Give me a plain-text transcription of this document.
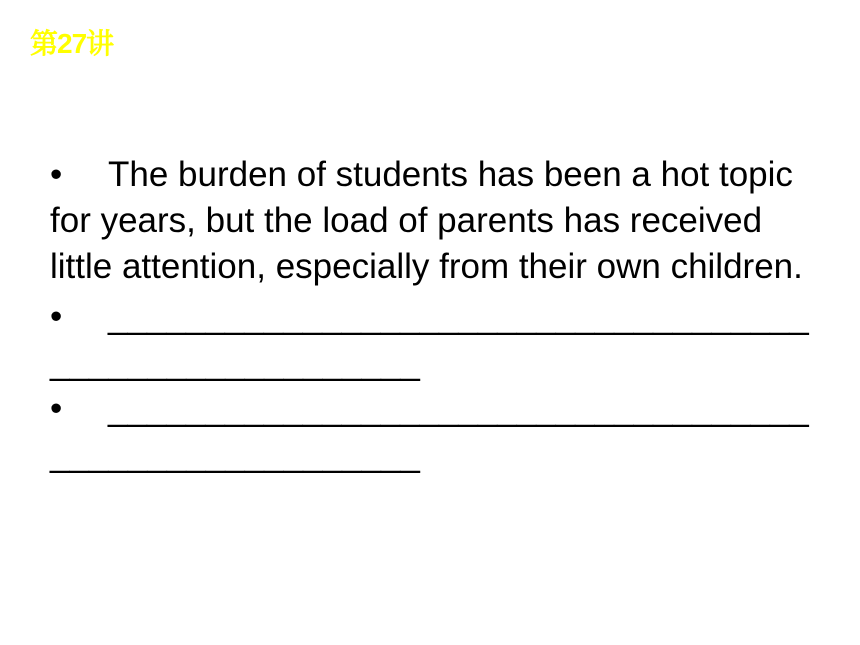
第27讲

• The burden of students has been a hot topic for years, but the load of parents has received little attention, especially from their own children.

• ____________________________________
___________________
• ____________________________________
___________________
